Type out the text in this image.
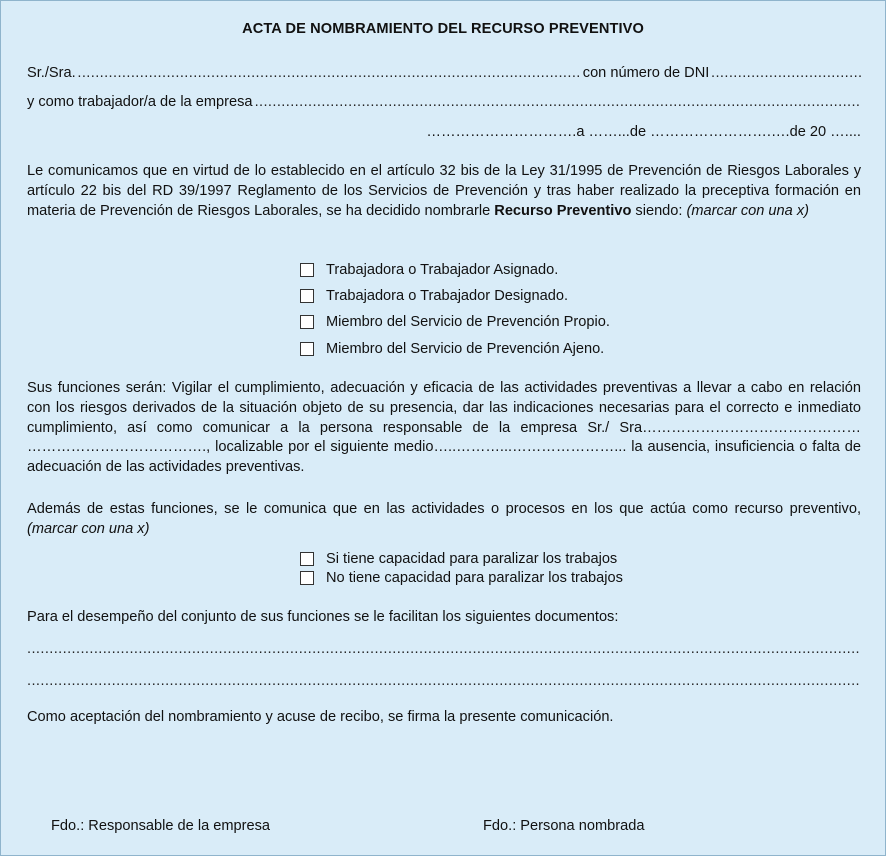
ACTA DE NOMBRAMIENTO DEL RECURSO PREVENTIVO
Sr./Sra.
.....	con número de DNI
.....
y como trabajador/a de la empresa
.....
………………………….a ……...de …………………….….de 20 …....
Le comunicamos que en virtud de lo establecido en el artículo 32 bis de la Ley 31/1995 de Prevención de Riesgos Laborales y artículo 22 bis del RD 39/1997 Reglamento de los Servicios de Prevención y tras haber realizado la preceptiva formación en materia de Prevención de Riesgos Laborales, se ha decidido nombrarle Recurso Preventivo siendo: (marcar con una x)
Trabajadora o Trabajador Asignado.
Trabajadora o Trabajador Designado.
Miembro del Servicio de Prevención Propio.
Miembro del Servicio de Prevención Ajeno.
Sus funciones serán: Vigilar el cumplimiento, adecuación y eficacia de las actividades preventivas a llevar a cabo en relación con los riesgos derivados de la situación objeto de su presencia, dar las indicaciones necesarias para el correcto e inmediato cumplimiento, así como comunicar a la persona responsable de la empresa Sr./ Sra……………………………………… ………………………………., localizable por el siguiente medio…..………...…………………... la ausencia, insuficiencia o falta de adecuación de las actividades preventivas.
Además de estas funciones, se le comunica que en las actividades o procesos en los que actúa como recurso preventivo, (marcar con una x)
Si tiene capacidad para paralizar los trabajos
No tiene capacidad para paralizar los trabajos
Para el desempeño del conjunto de sus funciones se le facilitan los siguientes documentos:
.....
.....
Como aceptación del nombramiento y acuse de recibo, se firma la presente comunicación.
Fdo.: Responsable de la empresa	Fdo.: Persona nombrada
